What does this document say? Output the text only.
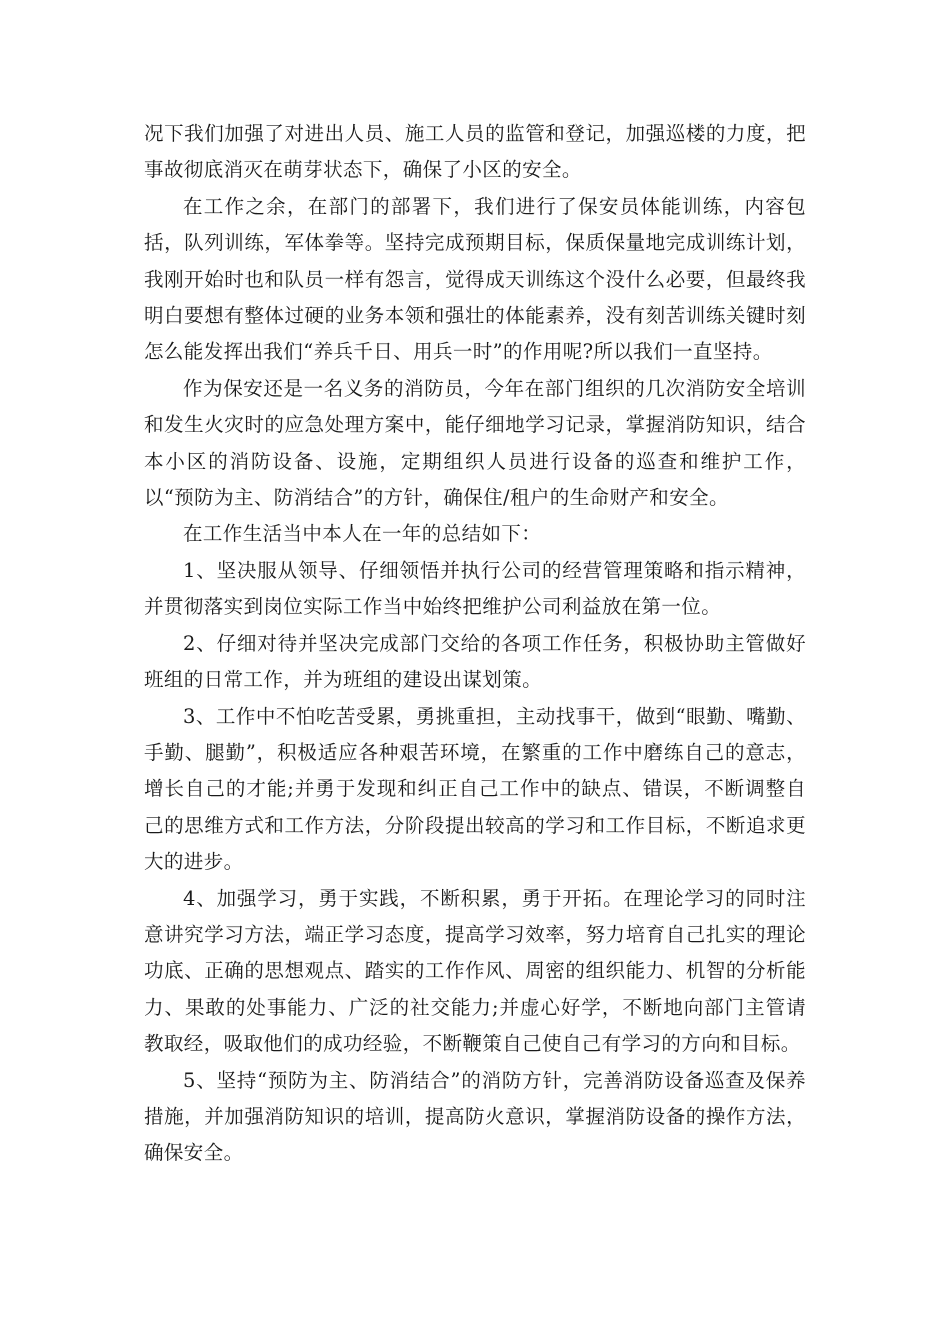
况下我们加强了对进出人员、施工人员的监管和登记，加强巡楼的力度，把事故彻底消灭在萌芽状态下，确保了小区的安全。

在工作之余，在部门的部署下，我们进行了保安员体能训练，内容包括，队列训练，军体拳等。坚持完成预期目标，保质保量地完成训练计划，我刚开始时也和队员一样有怨言，觉得成天训练这个没什么必要，但最终我明白要想有整体过硬的业务本领和强壮的体能素养，没有刻苦训练关键时刻怎么能发挥出我们“养兵千日、用兵一时”的作用呢?所以我们一直坚持。

作为保安还是一名义务的消防员，今年在部门组织的几次消防安全培训和发生火灾时的应急处理方案中，能仔细地学习记录，掌握消防知识，结合本小区的消防设备、设施，定期组织人员进行设备的巡查和维护工作，以“预防为主、防消结合”的方针，确保住/租户的生命财产和安全。

在工作生活当中本人在一年的总结如下：

1、坚决服从领导、仔细领悟并执行公司的经营管理策略和指示精神，并贯彻落实到岗位实际工作当中始终把维护公司利益放在第一位。

2、仔细对待并坚决完成部门交给的各项工作任务，积极协助主管做好班组的日常工作，并为班组的建设出谋划策。

3、工作中不怕吃苦受累，勇挑重担，主动找事干，做到“眼勤、嘴勤、手勤、腿勤”，积极适应各种艰苦环境，在繁重的工作中磨练自己的意志，增长自己的才能;并勇于发现和纠正自己工作中的缺点、错误，不断调整自己的思维方式和工作方法，分阶段提出较高的学习和工作目标，不断追求更大的进步。

4、加强学习，勇于实践，不断积累，勇于开拓。在理论学习的同时注意讲究学习方法，端正学习态度，提高学习效率，努力培育自己扎实的理论功底、正确的思想观点、踏实的工作作风、周密的组织能力、机智的分析能力、果敢的处事能力、广泛的社交能力;并虚心好学，不断地向部门主管请教取经，吸取他们的成功经验，不断鞭策自己使自己有学习的方向和目标。

5、坚持“预防为主、防消结合”的消防方针，完善消防设备巡查及保养措施，并加强消防知识的培训，提高防火意识，掌握消防设备的操作方法，确保安全。
